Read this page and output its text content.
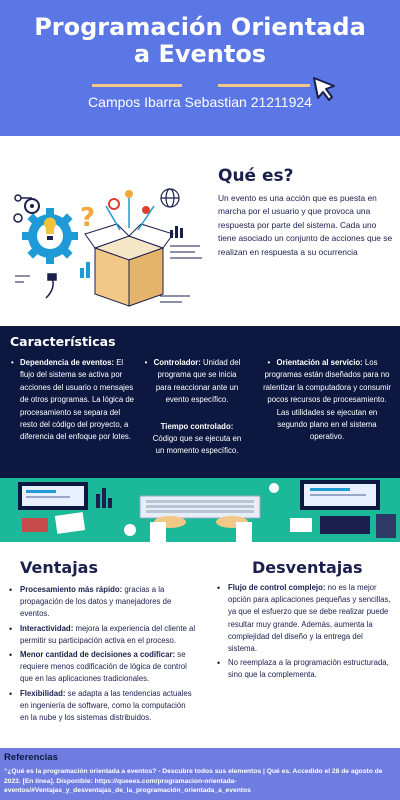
Programación Orientada
a Eventos
Campos Ibarra Sebastian 21211924
?
Qué es?

Un evento es una acción que es puesta en marcha por el usuario y que provoca una respuesta por parte del sistema. Cada uno tiene asociado un conjunto de acciones que se realizan en respuesta a su ocurrencia

Características
• Dependencia de eventos: El flujo del sistema se activa por acciones del usuario o mensajes de otros programas. La lógica de procesamiento se separa del resto del código del proyecto, a diferencia del enfoque por lotes.
• Controlador: Unidad del programa que se inicia para reaccionar ante un evento específico.
Tiempo controlado: Código que se ejecuta en un momento específico.
• Orientación al servicio: Los programas están diseñados para no ralentizar la computadora y consumir pocos recursos de procesamiento. Las utilidades se ejecutan en segundo plano en el sistema operativo.
Ventajas	Desventajas
• Procesamiento más rápido: gracias a la propagación de los datos y manejadores de eventos.
• Interactividad: mejora la experiencia del cliente al permitir su participación activa en el proceso.
• Menor cantidad de decisiones a codificar: se requiere menos codificación de lógica de control que en las aplicaciones tradicionales.
• Flexibilidad: se adapta a las tendencias actuales en ingeniería de software, como la computación en la nube y los sistemas distribuidos.
• Flujo de control complejo: no es la mejor opción para aplicaciones pequeñas y sencillas, ya que el esfuerzo que se debe realizar puede resultar muy grande. Además, aumenta la complejidad del diseño y la entrega del sistema.
• No reemplaza a la programación estructurada, sino que la complementa.
Referencias
“¿Qué es la programación orientada a eventos? - Descubre todos sus elementos | Qué es. Accedido el 28 de agosto de 2023. [En línea]. Disponible: https://queees.com/programacion-orientada-eventos/#Ventajas_y_desventajas_de_la_programación_orientada_a_eventos
